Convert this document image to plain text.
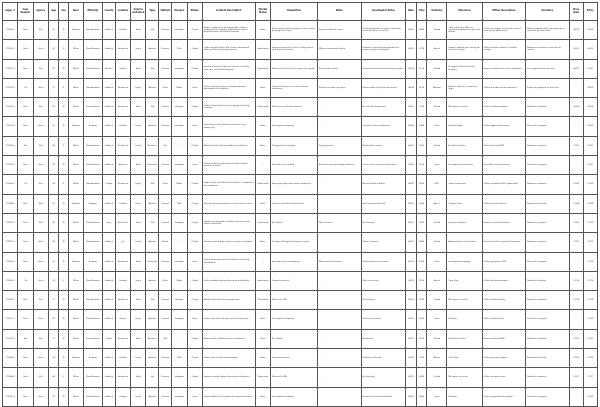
Supp. #	Case Number	Agency	Age	Sex	Race	Ethnicity	County	Location	Injuries sustained	Type	Method	Weapon	Status	Incident Description	Mental Status	Disposition	Notes	Investigator Notes	Date	Time	Outcome	Reference	Officer Description	Narrative	Close Date	Entry
171500-1	Shot	Self	20	M	Hispanic	Non-Hispanic	Lubbock	Outdoor	Fatal	Self	Firearm	Handgun	Closed	Subject reported to be despondent, officers responded to residence and located subject deceased from self-inflicted wound.	None	Referred to medical examiner, case closed pending final report.	Family notified at scene.	Scene processed, no signs of foul play noted by officers on scene.	06/01	0840	Closed	Case referred to ME, see attached supplement report for details.	Officer arrived on scene and secured area before EMS arrival.	Report completed by reporting officer, reviewed by supervisor.	06/14	06/14
171502-1	Shot	Other	33	M	White	Non-Hispanic	Lubbock	Residence	Injury	Assault	Firearm	Rifle	Closed	Caller advised shots fired, victim transported with non-life-threatening injuries.	Intoxicated	Suspect arrested on scene, charges filed with district attorney.	Witness statements taken.	Evidence collected and submitted to property room for analysis.	06/02	2215	Arrest	Suspect booked into county jail, see arrest report.	Officer located suspect in vehicle nearby.	Narrative attached to case file for review.	06/20	06/20
171511-1	Shot	Self	41	M	White	Non-Hispanic	Hockley	Vehicle	Fatal	Self	Firearm	Handgun	Closed	Deputies located subject in vehicle on county road with self-inflicted wound.	Depressed	Referred to justice of the peace for inquest.	Prior history noted.	Vehicle towed and inventoried per policy.	06/03	1120	Closed	JP inquest ordered, results pending.	Deputy confirmed no other occupants.	See supplemental narrative.	06/22	06/22
171512-1	Cut	Other	27	F	Black	Non-Hispanic	Lubbock	Residence	Injury	Assault	Knife	Blade	Open	Victim reported being cut during domestic disturbance at residence.	None	Suspect fled prior to arrival, warrant requested.	Protective order info given.	Photos taken of injuries and scene.	06/04	0130	Warrant	Warrant obtained, suspect at large.	Officer provided victim resources.	Follow up assigned to detective.	—	06/25
171520-1	Shot	Self	52	M	White	Non-Hispanic	Lubbock	Residence	Fatal	Self	Firearm	Shotgun	Closed	Subject located deceased in garage by family member.	Depressed	Referred to medical examiner.	—	No foul play suspected.	06/05	1730	Closed	ME report received.	Officer notified chaplain.	Narrative complete.	06/28	06/28
171523-1	Shot	Other	19	M	Hispanic	Hispanic	Lubbock	Outdoor	Injury	Assault	Firearm	Handgun	Open	Victim found with gunshot wound to leg in parking lot.	None	Investigation ongoing.	—	Canvass of area conducted.	06/06	2340	Open	Pending leads.	Officer applied tourniquet.	Detective assigned.	—	06/29
171530-1	Fall	Self	68	F	White	Non-Hispanic	Lubbock	Residence	Injury	Accident	Fall	—	Closed	Elderly female fell from ladder at residence.	None	Transported to hospital.	Family present.	Accidental in nature.	06/07	1005	Closed	No further action.	Officer assisted EMS.	Narrative complete.	07/01	07/01
171533-1	Shot	Other	35	M	Black	Non-Hispanic	Lubbock	Business	Fatal	Homicide	Firearm	Handgun	Open	Victim located inside business with multiple gunshot wounds.	—	Homicide unit notified.	Business camera footage obtained.	Crime scene unit processed scene.	06/08	0215	Open	Investigation continuing.	First officer secured scene.	Detective assigned.	—	07/02
171540-1	Cut	Self	24	F	White	Non-Hispanic	Crosby	Residence	Injury	Self	Knife	Blade	Closed	Subject with self-inflicted lacerations, transported for evaluation.	Depressed	Emergency detention order completed.	—	Mental health notified.	06/09	1850	EDO	Subject admitted.	Officer completed EDO paperwork.	Narrative complete.	07/05	07/05
171544-1	Shot	Other	29	M	Hispanic	Hispanic	Lubbock	Outdoor	Injury	Assault	Firearm	Rifle	Closed	Drive-by shooting reported, victim struck in arm.	None	Suspect identified and arrested.	—	Shell casings collected.	06/10	0045	Arrest	Charges filed.	Officer located vehicle.	Narrative attached.	07/08	07/08
171547-1	Shot	Self	46	M	White	Non-Hispanic	Lynn	Residence	Fatal	Self	Firearm	Handgun	Closed	Deputies responded to welfare check, located subject deceased.	Depressed	JP notified.	Note located.	No foul play.	06/11	1315	Closed	Inquest complete.	Deputy secured residence.	Narrative complete.	07/10	07/10
171551-1	Other	Other	38	M	Black	Non-Hispanic	Lubbock	Jail	Injury	Assault	Hands	—	Closed	Inmate assaulted by another inmate in dayroom.	None	Charges filed against suspect inmate.	—	Video reviewed.	06/12	1440	Closed	Administrative action taken.	Detention officer separated inmates.	Narrative complete.	07/12	07/12
171555-1	Shot	Other	22	M	Hispanic	Hispanic	Lubbock	Residence	Fatal	Homicide	Firearm	Handgun	Open	Victim found deceased at residence following disturbance.	—	Homicide unit investigating.	Witnesses interviewed.	Search warrant executed.	06/13	0320	Open	Investigation ongoing.	Officer performed CPR.	Detective assigned.	—	07/14
171560-1	Cut	Other	31	F	White	Non-Hispanic	Lubbock	Outdoor	Injury	Assault	Knife	Blade	Closed	Victim stabbed during altercation outside bar.	Intoxicated	Suspect arrested.	—	Knife recovered.	06/14	0150	Arrest	Case filed.	Officer detained suspect.	Narrative attached.	07/16	07/16
171566-1	Shot	Self	57	M	White	Non-Hispanic	Lubbock	Residence	Fatal	Self	Firearm	Shotgun	Closed	Family called after hearing gunshot.	Depressed	Referred to ME.	—	No foul play.	06/15	2010	Closed	ME report received.	Officer notified family.	Narrative complete.	07/18	07/18
171571-1	Shot	Other	26	M	Black	Non-Hispanic	Lubbock	Vehicle	Injury	Assault	Firearm	Handgun	Open	Victim shot while driving, vehicle struck pole.	None	Investigation ongoing.	—	Vehicle processed.	06/16	2255	Open	Pending.	Officer rendered aid.	Detective assigned.	—	07/20
171575-1	Fall	Self	72	M	White	Non-Hispanic	Garza	Residence	Fatal	Accident	Fall	—	Closed	Elderly male fell down stairs at residence.	None	JP notified.	—	Accidental.	06/17	0915	Closed	No further action.	Deputy assisted EMS.	Narrative complete.	07/22	07/22
171580-1	Shot	Other	34	M	Hispanic	Hispanic	Lubbock	Outdoor	Injury	Assault	Firearm	Rifle	Closed	Victim shot at park during dispute.	None	Suspect arrested.	—	Evidence collected.	06/18	1930	Arrest	Case filed.	Officer pursued suspect.	Narrative attached.	07/25	07/25
171584-1	Shot	Self	40	F	White	Non-Hispanic	Lubbock	Residence	Fatal	Self	Firearm	Handgun	Closed	Spouse located subject deceased in bedroom.	Depressed	Referred to ME.	—	No foul play.	06/19	0630	Closed	ME report received.	Officer secured scene.	Narrative complete.	07/27	07/27
171590-1	Shot	Other	23	M	Black	Non-Hispanic	Lubbock	Outdoor	Injury	Assault	Firearm	Handgun	Open	Victim walked into hospital with gunshot wound.	None	Investigation ongoing.	—	Hospital interview conducted.	06/20	0405	Open	Pending.	Officer responded to hospital.	Detective assigned.	—	07/29
